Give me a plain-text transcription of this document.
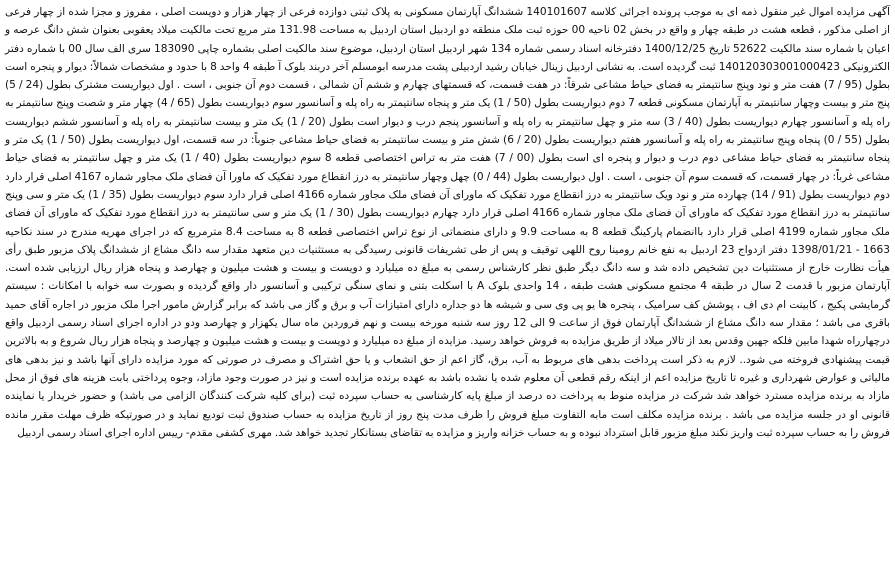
آگهی مزایده اموال غیر منقول ذمه ای به موجب پرونده اجرائی کلاسه 140101607 ششدانگ آپارتمان مسکونی به پلاک ثبتی دوازده فرعی از چهار هزار و دویست اصلی ، مفروز و مجزا شده از چهار فرعی از اصلی مذکور ، قطعه هشت در طبقه چهار و واقع در بخش 02 ناحیه 00 حوزه ثبت ملک منطقه دو اردبیل استان اردبیل به مساحت 131.98 متر مربع تحت مالکیت میلاد یعقوبی بعنوان شش دانگ عرصه و اعیان با شماره سند مالکیت 52622 تاریخ 1400/12/25 دفترخانه اسناد رسمی شماره 134 شهر اردبیل استان اردبیل، موضوع سند مالکیت اصلی بشماره چاپی 183090 سری الف سال 00 با شماره دفتر الکترونیکی 140120303001000423 ثبت گردیده است. به نشانی اردبیل زینال خیابان رشید اردبیلی پشت مدرسه ابومسلم آخر دربند بلوک آ طبقه 4 واحد 8 با حدود و مشخصات شمالاً: دیوار و پنجره است بطول (95 / 7) هفت متر و نود وپنج سانتیمتر به فضای حیاط مشاعی شرقاً: در هفت قسمت، که قسمتهای چهارم و ششم آن شمالی ، قسمت دوم آن جنوبی ، است . اول دیواریست مشترک بطول (24 / 5) پنج متر و بیست وچهار سانتیمتر به آپارتمان مسکونی قطعه 7 دوم دیواریست بطول (50 / 1) یک متر و پنجاه سانتیمتر به راه پله و آسانسور سوم دیواریست بطول (65 / 4) چهار متر و شصت وپنج سانتیمتر به راه پله و آسانسور چهارم دیواریست بطول (40 / 3) سه متر و چهل سانتیمتر به راه پله و آسانسور پنجم درب و دیوار است بطول (20 / 1) یک متر و بیست سانتیمتر به راه پله و آسانسور ششم دیواریست بطول (55 / 0) پنجاه وپنج سانتیمتر به راه پله و آسانسور هفتم دیواریست بطول (20 / 6) شش متر و بیست سانتیمتر به فضای حیاط مشاعی جنوباً: در سه قسمت، اول دیواریست بطول (50 / 1) یک متر و پنجاه سانتیمتر به فضای حیاط مشاعی دوم درب و دیوار و پنجره ای است بطول (00 / 7) هفت متر به تراس اختصاصی قطعه 8 سوم دیواریست بطول (40 / 1) یک متر و چهل سانتیمتر به فضای حیاط مشاعی غرباً: در چهار قسمت، که قسمت سوم آن جنوبی ، است . اول دیواریست بطول (44 / 0) چهل وچهار سانتیمتر به درز انقطاع مورد تفکیک که ماورا آن فضای ملک مجاور شماره 4167 اصلی قرار دارد دوم دیواریست بطول (91 / 14) چهارده متر و نود ویک سانتیمتر به درز انقطاع مورد تفکیک که ماورای آن فضای ملک مجاور شماره 4166 اصلی قرار دارد سوم دیواریست بطول (35 / 1) یک متر و سی وپنج سانتیمتر به درز انقطاع مورد تفکیک که ماورای آن فضای ملک مجاور شماره 4166 اصلی قرار دارد چهارم دیواریست بطول (30 / 1) یک متر و سی سانتیمتر به درز انقطاع مورد تفکیک که ماورای آن فضای ملک مجاور شماره 4199 اصلی قرار دارد باانضمام پارکینگ قطعه 8 به مساحت 9.9 و دارای منضماتی از نوع تراس اختصاصی قطعه 8 به مساحت 8.4 مترمربع که در اجرای مهریه مندرج در سند نکاحیه 1663 - 1398/01/21 دفتر ازدواج 23 اردبیل به نفع خانم رومینا روح اللهی توقیف و پس از طی تشریفات قانونی رسیدگی به مستثنیات دین متعهد مقدار سه دانگ مشاع از ششدانگ پلاک مزبور طبق رأی هیأت نظارت خارج از مستثنیات دین تشخیص داده شد و سه دانگ دیگر طبق نظر کارشناس رسمی به مبلغ ده میلیارد و دویست و بیست و هشت میلیون و چهارصد و پنجاه هزار ریال ارزیابی شده است. آپارتمان مزبور با قدمت 2 سال در طبقه 4 مجتمع مسکونی هشت طبقه ، 14 واحدی بلوک A با اسکلت بتنی و نمای سنگی ترکیبی و آسانسور دار واقع گردیده و بصورت سه خوابه با امکانات : سیستم گرمایشی پکیج ، کابینت ام دی اف ، پوشش کف سرامیک ، پنجره ها یو پی وی سی و شیشه ها دو جداره دارای امتیازات آب و برق و گاز می باشد که برابر گزارش مامور اجرا ملک مزبور در اجاره آقای حمید باقری می باشد ؛ مقدار سه دانگ مشاع از ششدانگ آپارتمان فوق از ساعت 9 الی 12 روز سه شنبه مورخه بیست و نهم فروردین ماه سال یکهزار و چهارصد ودو در اداره اجرای اسناد رسمی اردبیل واقع درچهارراه شهدا مابین فلکه جهین وقدس بعد از تالار میلاد از طریق مزایده به فروش خواهد رسید. مزایده از مبلغ ده میلیارد و دویست و بیست و هشت میلیون و چهارصد و پنجاه هزار ریال شروع و به بالاترین قیمت پیشنهادی فروخته می شود.. لازم به ذکر است پرداخت بدهی های مربوط به آب، برق، گاز اعم از حق انشعاب و یا حق اشتراک و مصرف در صورتی که مورد مزایده دارای آنها باشد و نیز بدهی های مالیاتی و عوارض شهرداری و غیره تا تاریخ مزایده اعم از اینکه رقم قطعی آن معلوم شده یا نشده باشد به عهده برنده مزایده است و نیز در صورت وجود مازاد، وجوه پرداختی بابت هزینه های فوق از محل مازاد به برنده مزایده مسترد خواهد شد شرکت در مزایده منوط به پرداخت ده درصد از مبلغ پایه کارشناسی به حساب سپرده ثبت (برای کلیه شرکت کنندگان الزامی می باشد) و حضور خریدار یا نماینده قانونی او در جلسه مزایده می باشد . برنده مزایده مکلف است مابه التفاوت مبلغ فروش را ظرف مدت پنج روز از تاریخ مزایده به حساب صندوق ثبت تودیع نماید و در صورتیکه ظرف مهلت مقرر مانده فروش را به حساب سپرده ثبت واریز نکند مبلغ مزبور قابل استرداد نبوده و به حساب خزانه واریز و مزایده به تقاضای بستانکار تجدید خواهد شد. مهری کشفی مقدم- رییس اداره اجرای اسناد رسمی اردبیل
